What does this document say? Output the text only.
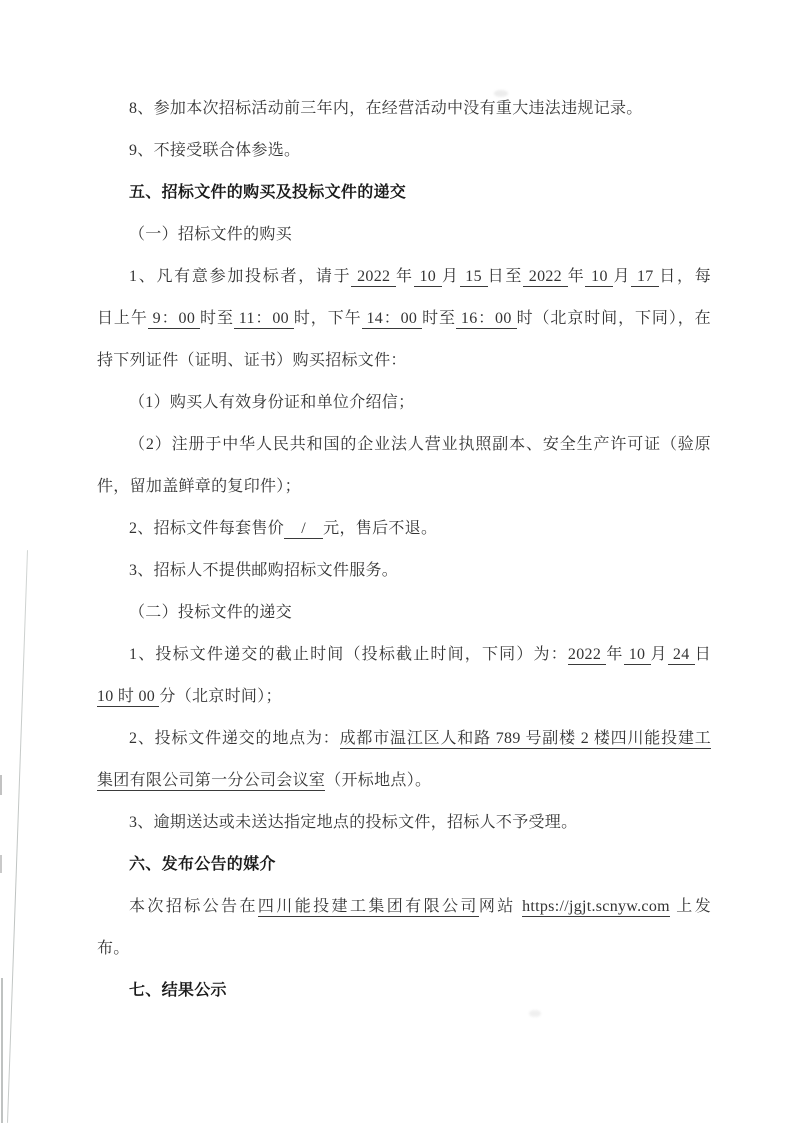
8、参加本次招标活动前三年内，在经营活动中没有重大违法违规记录。
9、不接受联合体参选。
五、招标文件的购买及投标文件的递交
（一）招标文件的购买
1、凡有意参加投标者，请于 2022 年 10 月 15 日至 2022 年 10 月 17 日，每
日上午 9：00 时至 11：00 时，下午 14：00 时至 16：00 时（北京时间，下同），在
持下列证件（证明、证书）购买招标文件：
（1）购买人有效身份证和单位介绍信；
（2）注册于中华人民共和国的企业法人营业执照副本、安全生产许可证（验原
件，留加盖鲜章的复印件）；
2、招标文件每套售价    /    元，售后不退。
3、招标人不提供邮购招标文件服务。
（二）投标文件的递交
1、投标文件递交的截止时间（投标截止时间，下同）为：2022 年 10 月 24 日
10 时 00 分（北京时间）；
2、投标文件递交的地点为：成都市温江区人和路 789 号副楼 2 楼四川能投建工
集团有限公司第一分公司会议室（开标地点）。
3、逾期送达或未送达指定地点的投标文件，招标人不予受理。
六、发布公告的媒介
本次招标公告在四川能投建工集团有限公司网站 https://jgjt.scnyw.com 上发
布。
七、结果公示
